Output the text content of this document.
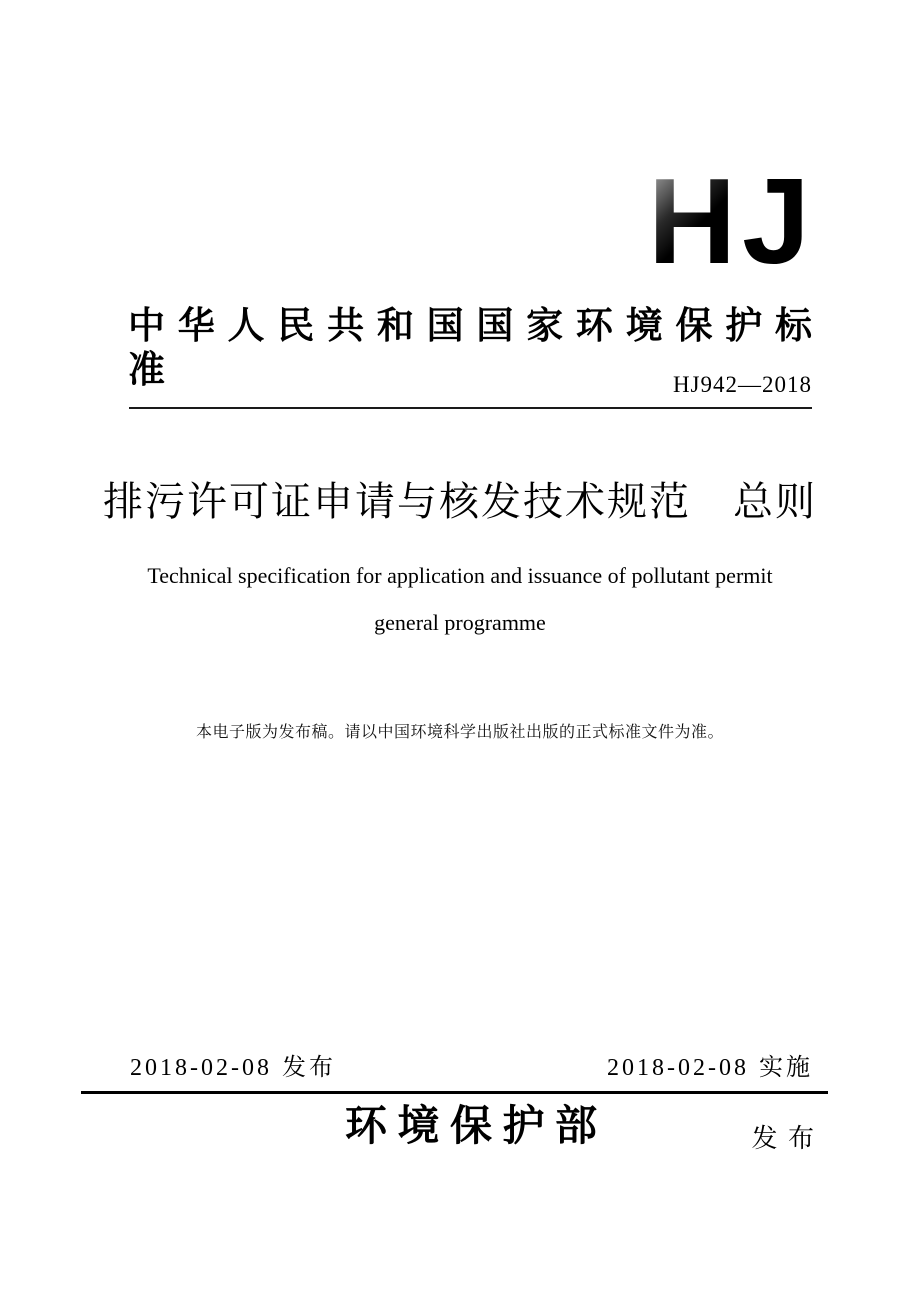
HJ
中 华 人 民 共 和 国 国 家 环 境 保 护 标 准	HJ942—2018
排污许可证申请与核发技术规范　总则
Technical specification for application and issuance of pollutant permit
general programme
本电子版为发布稿。请以中国环境科学出版社出版的正式标准文件为准。
2018-02-08 发布	2018-02-08 实施
环 境 保 护 部	发 布
